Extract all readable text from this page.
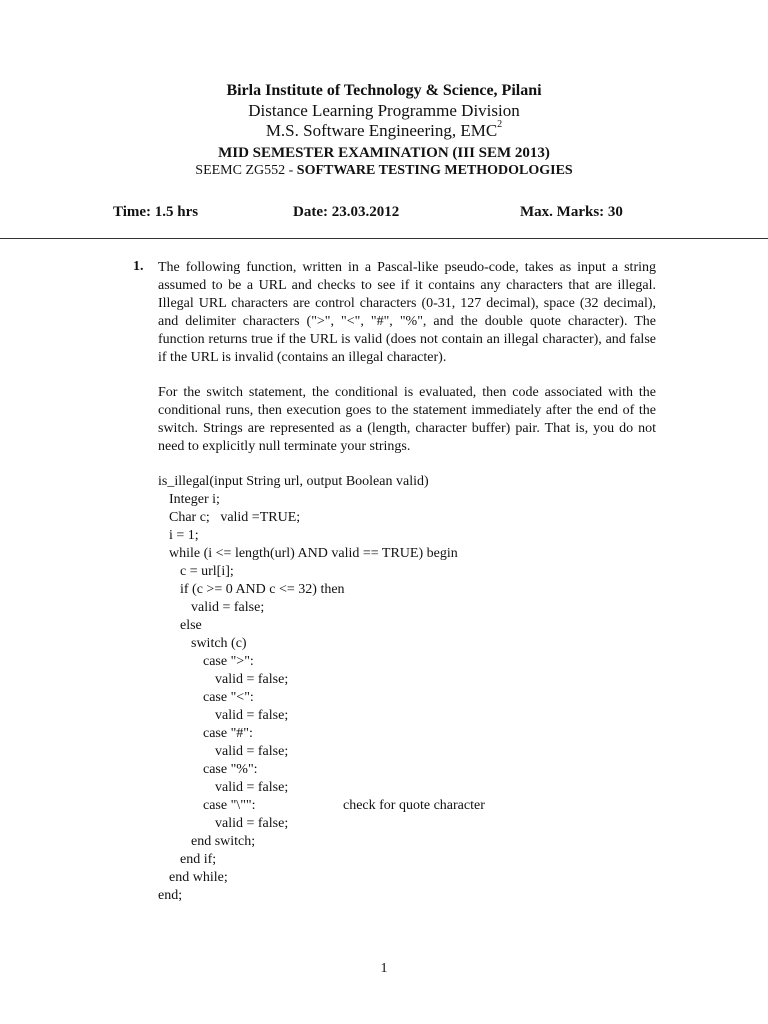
Birla Institute of Technology & Science, Pilani
Distance Learning Programme Division
M.S. Software Engineering, EMC$^2$
MID SEMESTER EXAMINATION (III SEM 2013)
SEEMC ZG552 - SOFTWARE TESTING METHODOLOGIES
Time: 1.5 hrs	Date: 23.03.2012	Max. Marks: 30
1. The following function, written in a Pascal-like pseudo-code, takes as input a string assumed to be a URL and checks to see if it contains any characters that are illegal. Illegal URL characters are control characters (0-31, 127 decimal), space (32 decimal), and delimiter characters (">", "<", "#", "%", and the double quote character). The function returns true if the URL is valid (does not contain an illegal character), and false if the URL is invalid (contains an illegal character).
For the switch statement, the conditional is evaluated, then code associated with the conditional runs, then execution goes to the statement immediately after the end of the switch. Strings are represented as a (length, character buffer) pair. That is, you do not need to explicitly null terminate your strings.
is_illegal(input String url, output Boolean valid)
Integer i;
Char c;   valid =TRUE;
i = 1;
while (i <= length(url) AND valid == TRUE) begin
c = url[i];
if (c >= 0 AND c <= 32) then
valid = false;
else
switch (c)
case ">":
valid = false;
case "<":
valid = false;
case "#":
valid = false;
case "%":
valid = false;
case "\"":	check for quote character
valid = false;
end switch;
end if;
end while;
end;
1
